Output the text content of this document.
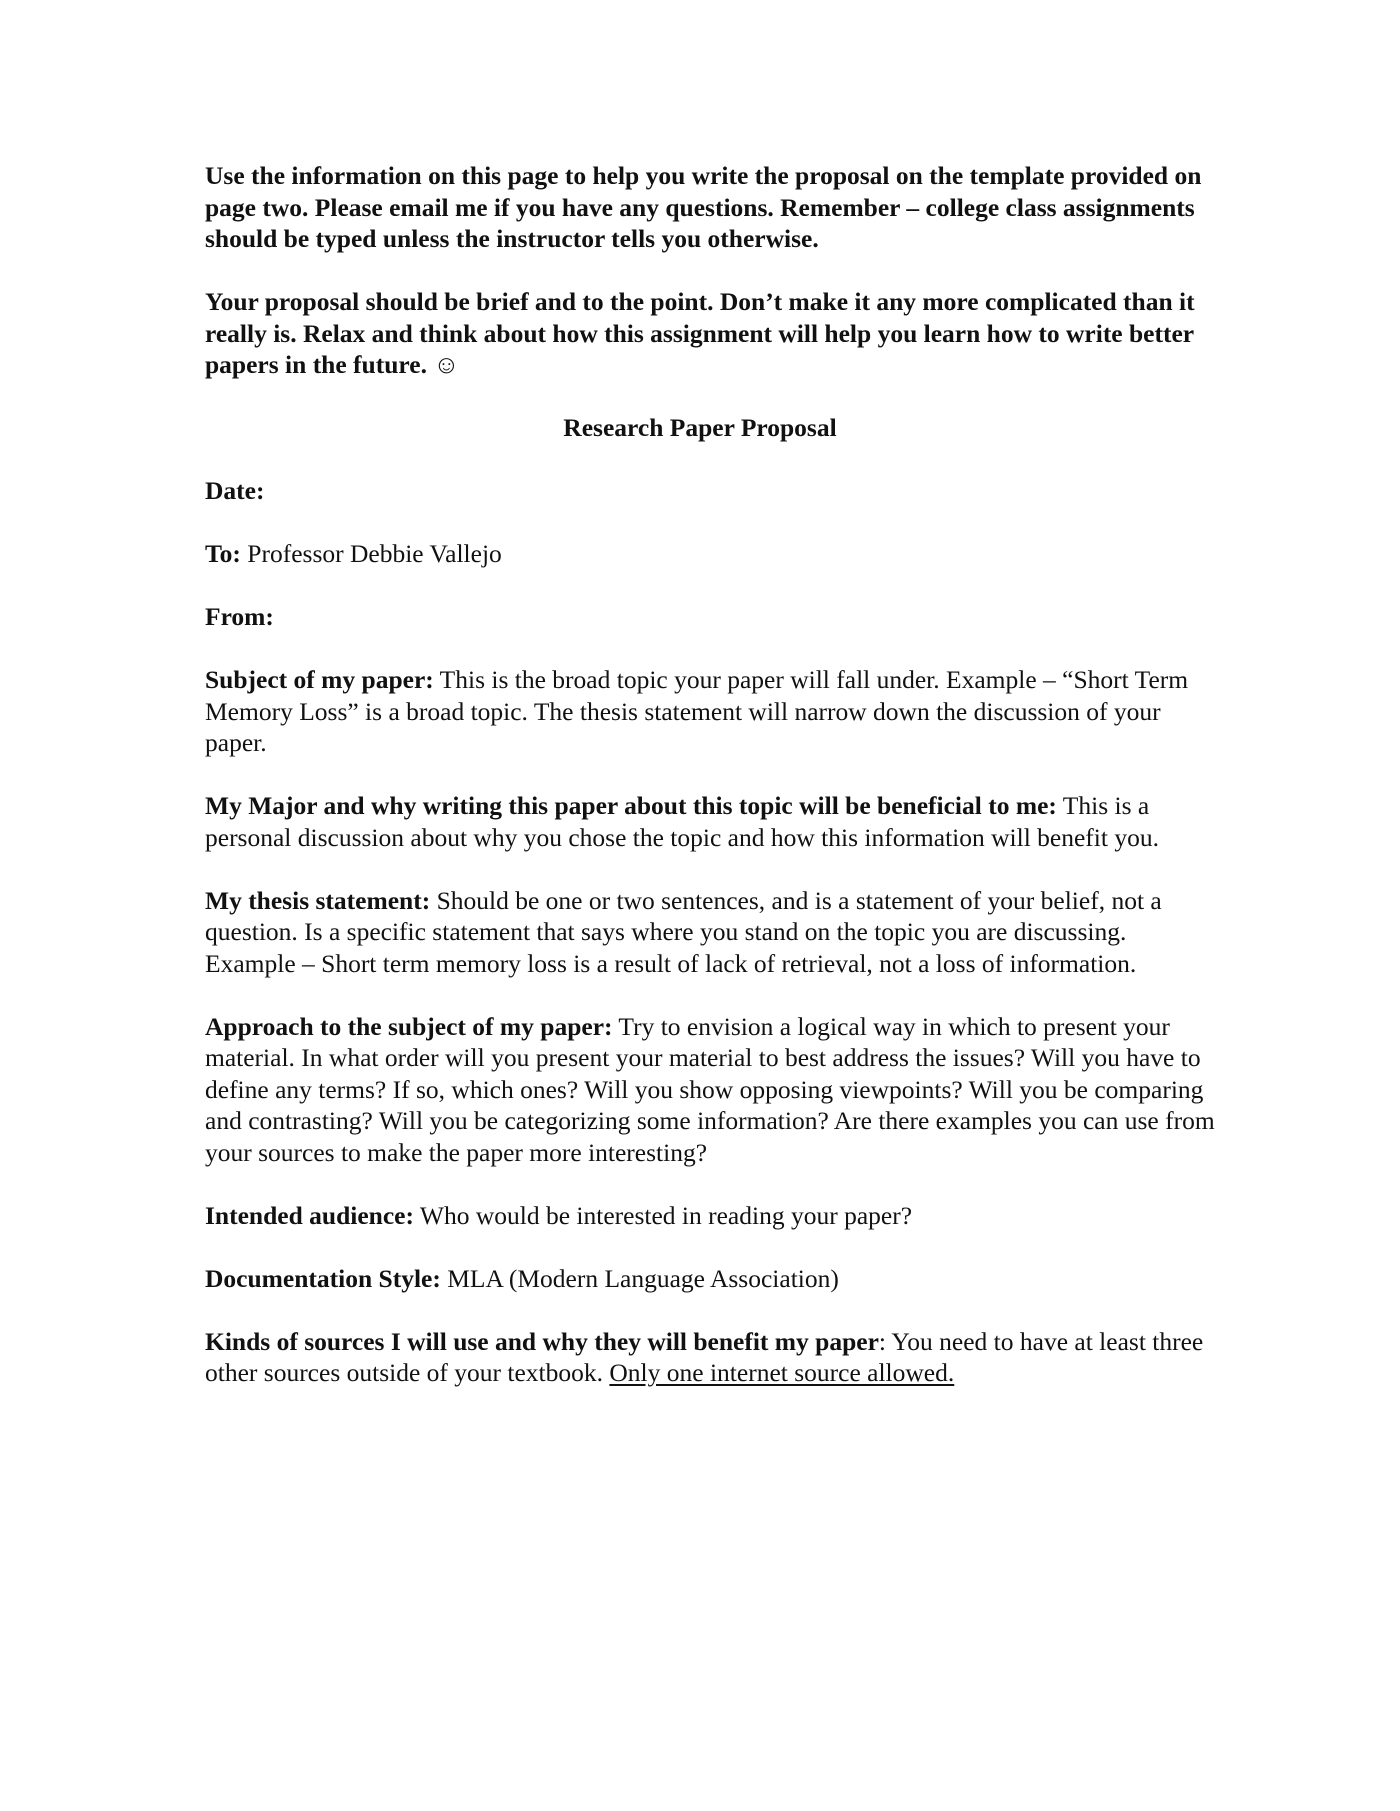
Use the information on this page to help you write the proposal on the template provided on page two. Please email me if you have any questions. Remember – college class assignments should be typed unless the instructor tells you otherwise.

Your proposal should be brief and to the point. Don’t make it any more complicated than it really is. Relax and think about how this assignment will help you learn how to write better papers in the future. ☺

Research Paper Proposal

Date:

To: Professor Debbie Vallejo

From:

Subject of my paper: This is the broad topic your paper will fall under. Example – “Short Term Memory Loss” is a broad topic. The thesis statement will narrow down the discussion of your paper.

My Major and why writing this paper about this topic will be beneficial to me: This is a personal discussion about why you chose the topic and how this information will benefit you.

My thesis statement: Should be one or two sentences, and is a statement of your belief, not a question. Is a specific statement that says where you stand on the topic you are discussing. Example – Short term memory loss is a result of lack of retrieval, not a loss of information.

Approach to the subject of my paper: Try to envision a logical way in which to present your material. In what order will you present your material to best address the issues? Will you have to define any terms? If so, which ones? Will you show opposing viewpoints? Will you be comparing and contrasting? Will you be categorizing some information? Are there examples you can use from your sources to make the paper more interesting?

Intended audience: Who would be interested in reading your paper?

Documentation Style: MLA (Modern Language Association)

Kinds of sources I will use and why they will benefit my paper: You need to have at least three other sources outside of your textbook. Only one internet source allowed.
